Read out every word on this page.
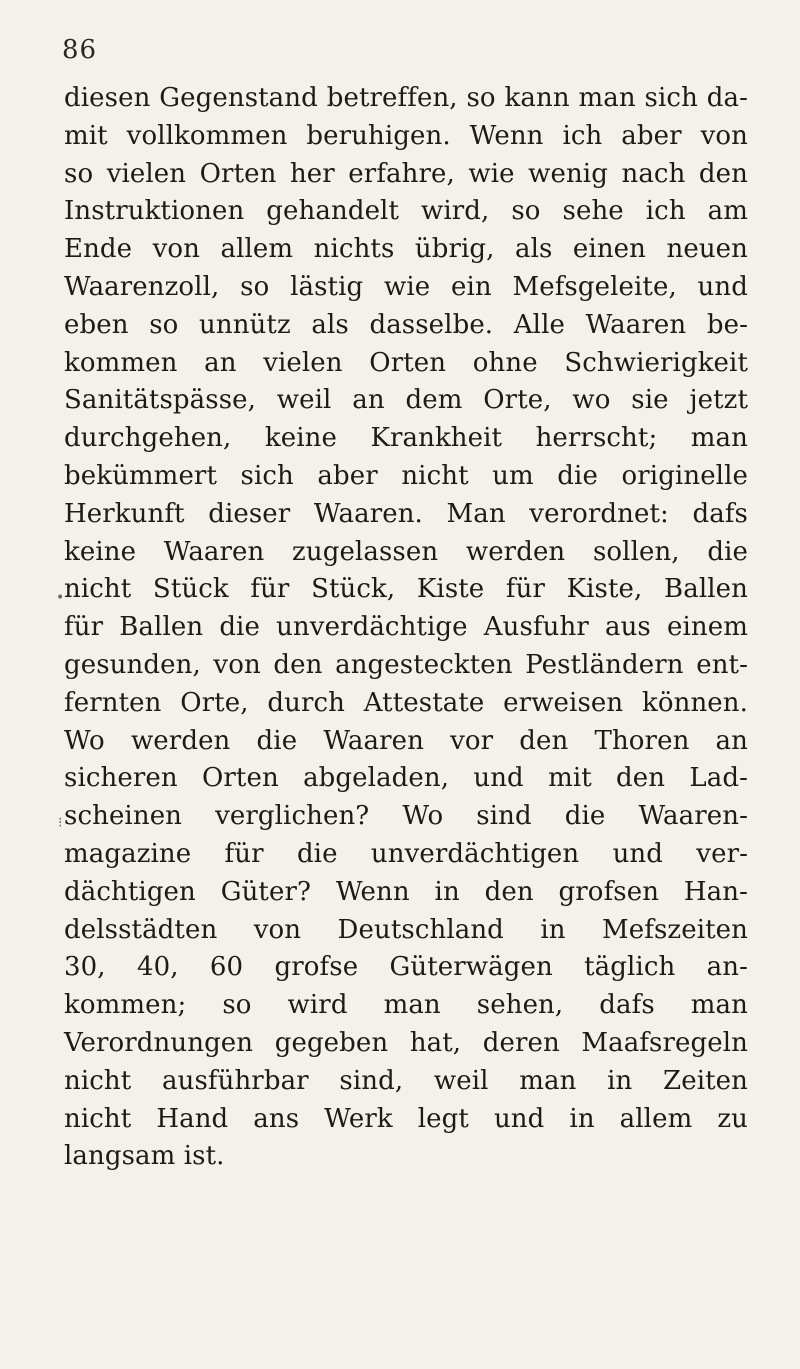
86
diesen Gegenstand betreffen, so kann man sich da-
mit vollkommen beruhigen. Wenn ich aber von
so vielen Orten her erfahre, wie wenig nach den
Instruktionen gehandelt wird, so sehe ich am
Ende von allem nichts übrig, als einen neuen
Waarenzoll, so lästig wie ein Mefsgeleite, und
eben so unnütz als dasselbe. Alle Waaren be-
kommen an vielen Orten ohne Schwierigkeit
Sanitätspässe, weil an dem Orte, wo sie jetzt
durchgehen, keine Krankheit herrscht; man
bekümmert sich aber nicht um die originelle
Herkunft dieser Waaren. Man verordnet: dafs
keine Waaren zugelassen werden sollen, die
nicht Stück für Stück, Kiste für Kiste, Ballen
für Ballen die unverdächtige Ausfuhr aus einem
gesunden, von den angesteckten Pestländern ent-
fernten Orte, durch Attestate erweisen können.
Wo werden die Waaren vor den Thoren an
sicheren Orten abgeladen, und mit den Lad-
scheinen verglichen? Wo sind die Waaren-
magazine für die unverdächtigen und ver-
dächtigen Güter? Wenn in den grofsen Han-
delsstädten von Deutschland in Mefszeiten
30, 40, 60 grofse Güterwägen täglich an-
kommen; so wird man sehen, dafs man
Verordnungen gegeben hat, deren Maafsregeln
nicht ausführbar sind, weil man in Zeiten
nicht Hand ans Werk legt und in allem zu
langsam ist.
•
⁝
